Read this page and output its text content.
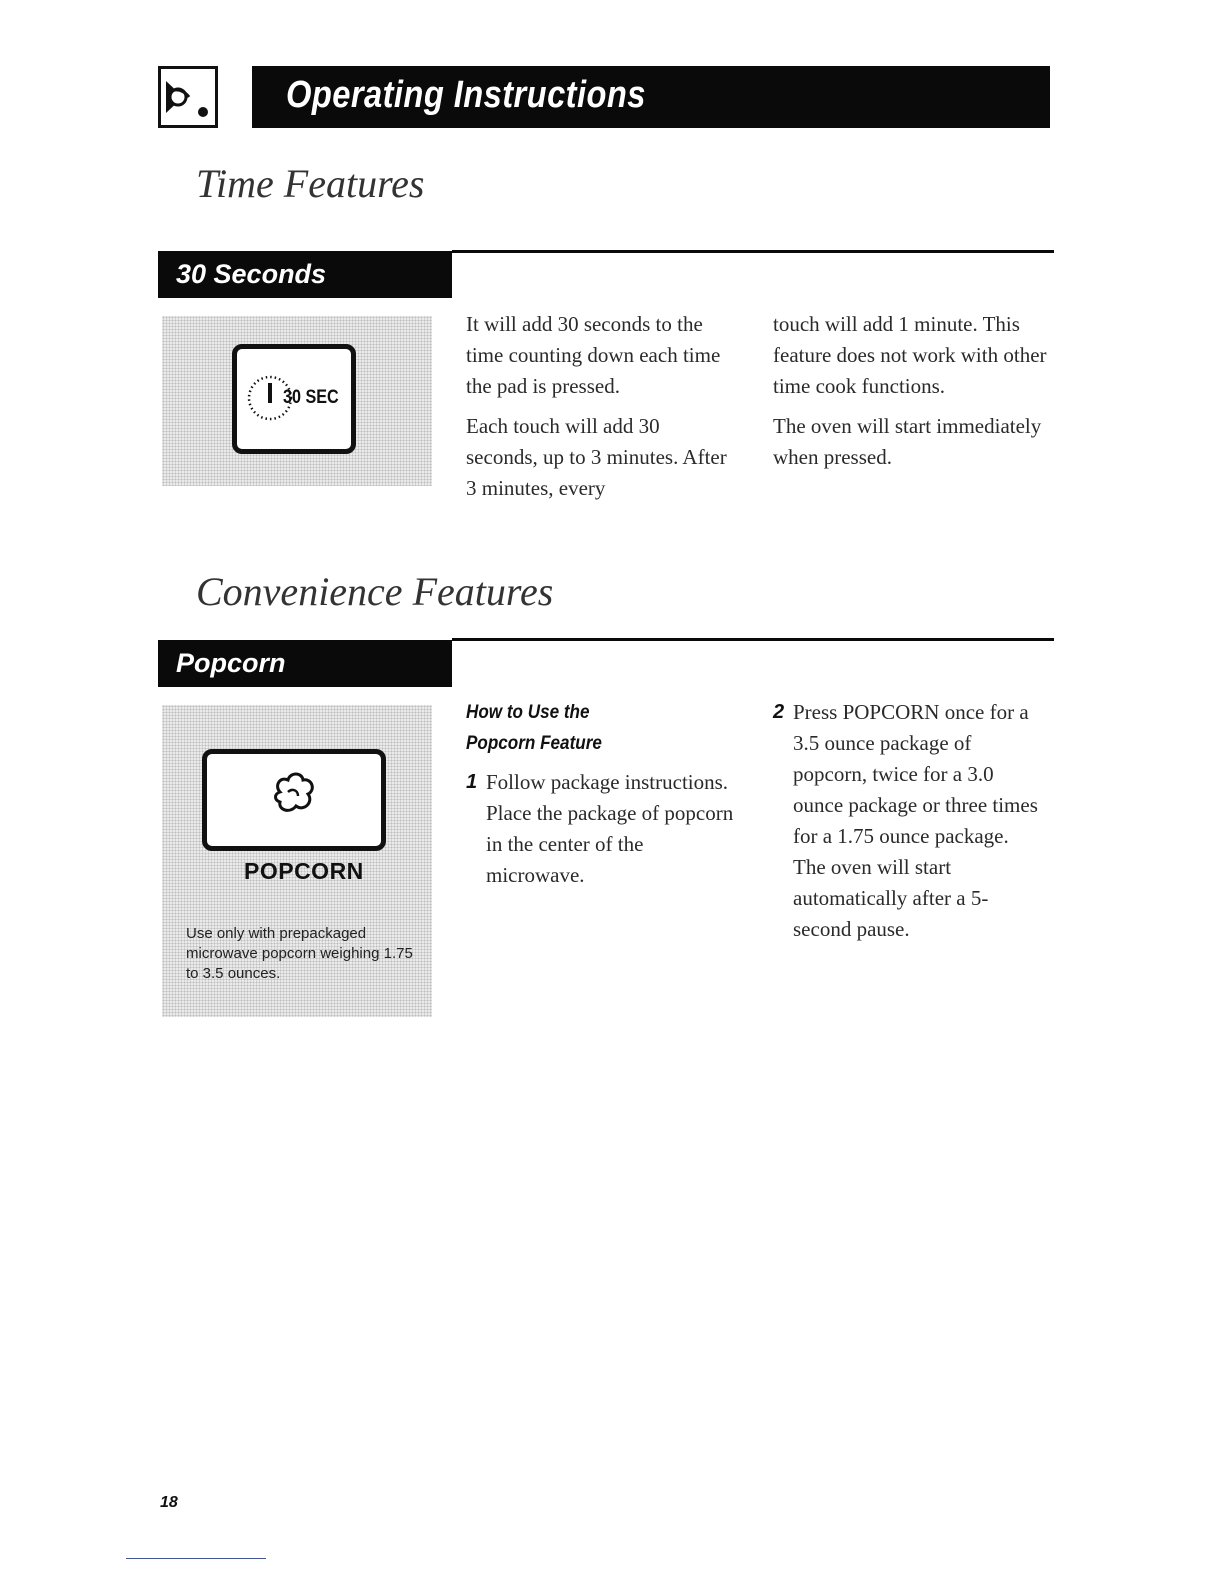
Operating Instructions
Time Features
30 Seconds
30 SEC

It will add 30 seconds to the time counting down each time the pad is pressed.

Each touch will add 30 seconds, up to 3 minutes. After 3 minutes, every

touch will add 1 minute. This feature does not work with other time cook functions.

The oven will start immediately when pressed.

Convenience Features
Popcorn
POPCORN
Use only with prepackaged microwave popcorn weighing 1.75 to 3.5 ounces.
How to Use the
Popcorn Feature
1 Follow package instructions. Place the package of popcorn in the center of the microwave.
2 Press POPCORN once for a 3.5 ounce package of popcorn, twice for a 3.0 ounce package or three times for a 1.75 ounce package. The oven will start automatically after a 5-second pause.
18
